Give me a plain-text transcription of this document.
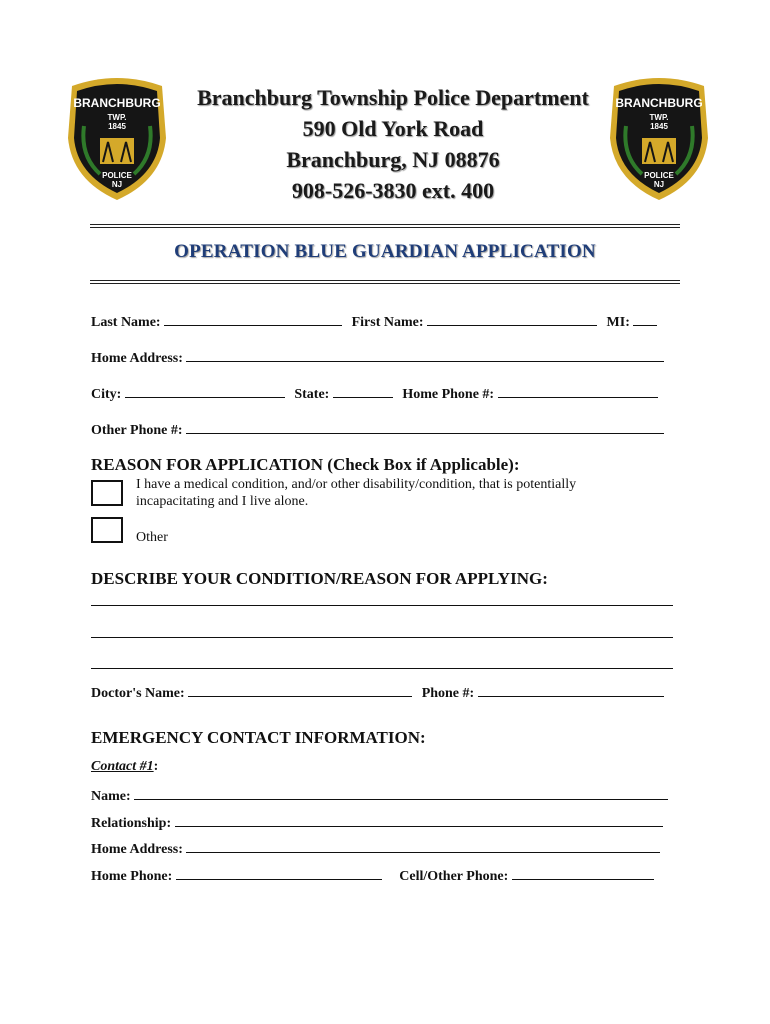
BRANCHBURG
TWP.
1845
POLICE
NJ
BRANCHBURG
TWP.
1845
POLICE
NJ
Branchburg Township Police Department
590 Old York Road
Branchburg, NJ 08876
908-526-3830 ext. 400
OPERATION BLUE GUARDIAN APPLICATION
Last Name:	First Name:	MI:
Home Address:
City:	State:	Home Phone #:
Other Phone #:
REASON FOR APPLICATION (Check Box if Applicable):
I have a medical condition, and/or other disability/condition, that is potentially
incapacitating and I live alone.
Other
DESCRIBE YOUR CONDITION/REASON FOR APPLYING:
Doctor's Name:	Phone #:
EMERGENCY CONTACT INFORMATION:
Contact #1:
Name:
Relationship:
Home Address:
Home Phone:	Cell/Other Phone:
